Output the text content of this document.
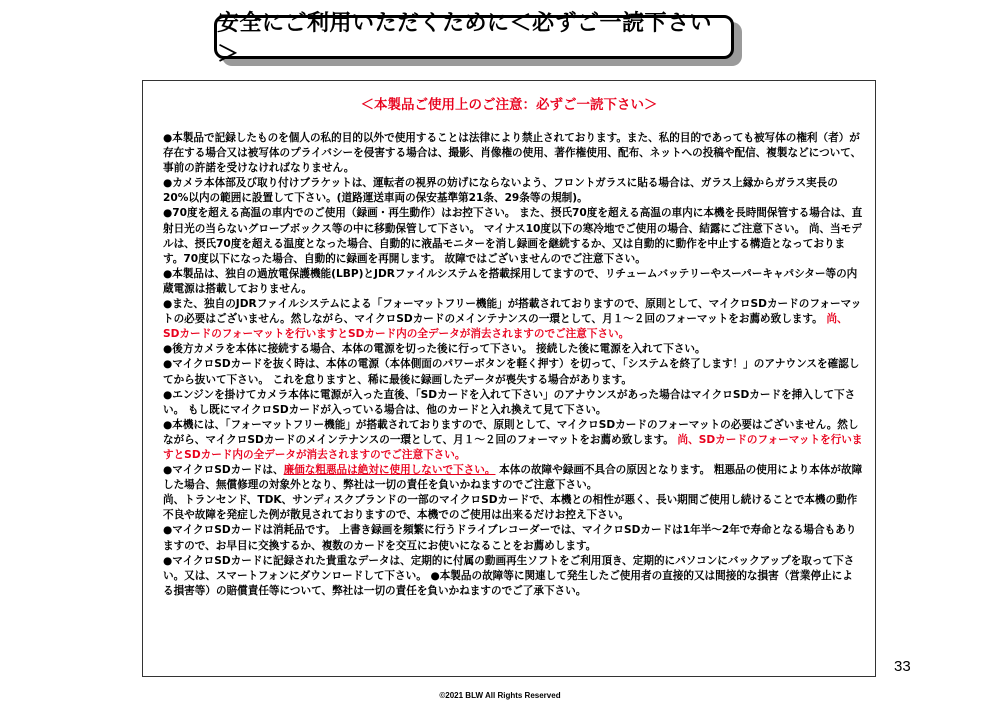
安全にご利用いただくために＜必ずご一読下さい＞
＜本製品ご使用上のご注意：必ずご一読下さい＞

●本製品で記録したものを個人の私的目的以外で使用することは法律により禁止されております。また、私的目的であっても被写体の権利（者）が存在する場合又は被写体のプライバシーを侵害する場合は、撮影、肖像権の使用、著作権使用、配布、ネットへの投稿や配信、複製などについて、事前の許諾を受けなければなりません。

●カメラ本体部及び取り付けブラケットは、運転者の視界の妨げにならないよう、フロントガラスに貼る場合は、ガラス上縁からガラス実長の20%以内の範囲に設置して下さい。(道路運送車両の保安基準第21条、29条等の規制)。

●70度を超える高温の車内でのご使用（録画・再生動作）はお控下さい。 また、摂氏70度を超える高温の車内に本機を長時間保管する場合は、直射日光の当らないグローブボックス等の中に移動保管して下さい。 マイナス10度以下の寒冷地でご使用の場合、結露にご注意下さい。 尚、当モデルは、摂氏70度を超える温度となった場合、自動的に液晶モニターを消し録画を継続するか、又は自動的に動作を中止する構造となっております。70度以下になった場合、自動的に録画を再開します。 故障ではございませんのでご注意下さい。

●本製品は、独自の過放電保護機能(LBP)とJDRファイルシステムを搭載採用してますので、リチュームバッテリーやスーパーキャパシター等の内蔵電源は搭載しておりません。

●また、独自のJDRファイルシステムによる「フォーマットフリー機能」が搭載されておりますので、原則として、マイクロSDカードのフォーマットの必要はございません。然しながら、マイクロSDカードのメインテナンスの一環として、月１～２回のフォーマットをお薦め致します。 尚、SDカードのフォーマットを行いますとSDカード内の全データが消去されますのでご注意下さい。

●後方カメラを本体に接続する場合、本体の電源を切った後に行って下さい。 接続した後に電源を入れて下さい。

●マイクロSDカードを抜く時は、本体の電源（本体側面のパワーボタンを軽く押す）を切って、「システムを終了します！」のアナウンスを確認してから抜いて下さい。 これを怠りますと、稀に最後に録画したデータが喪失する場合があります。

●エンジンを掛けてカメラ本体に電源が入った直後、「SDカードを入れて下さい」のアナウンスがあった場合はマイクロSDカードを挿入して下さい。 もし既にマイクロSDカードが入っている場合は、他のカードと入れ換えて見て下さい。

●本機には、「フォーマットフリー機能」が搭載されておりますので、原則として、マイクロSDカードのフォーマットの必要はございません。然しながら、マイクロSDカードのメインテナンスの一環として、月１～２回のフォーマットをお薦め致します。 尚、SDカードのフォーマットを行いますとSDカード内の全データが消去されますのでご注意下さい。

●マイクロSDカードは、廉価な粗悪品は絶対に使用しないで下さい。 本体の故障や録画不具合の原因となります。 粗悪品の使用により本体が故障した場合、無償修理の対象外となり、弊社は一切の責任を負いかねますのでご注意下さい。

尚、トランセンド、TDK、サンディスクブランドの一部のマイクロSDカードで、本機との相性が悪く、長い期間ご使用し続けることで本機の動作不良や故障を発症した例が散見されておりますので、本機でのご使用は出来るだけお控え下さい。

●マイクロSDカードは消耗品です。 上書き録画を頻繁に行うドライブレコーダーでは、マイクロSDカードは1年半～2年で寿命となる場合もありますので、お早目に交換するか、複数のカードを交互にお使いになることをお薦めします。

●マイクロSDカードに記録された貴重なデータは、定期的に付属の動画再生ソフトをご利用頂き、定期的にパソコンにバックアップを取って下さい。又は、スマートフォンにダウンロードして下さい。 ●本製品の故障等に関連して発生したご使用者の直接的又は間接的な損害（営業停止による損害等）の賠償責任等について、弊社は一切の責任を負いかねますのでご了承下さい。

33
©2021 BLW All Rights Reserved
